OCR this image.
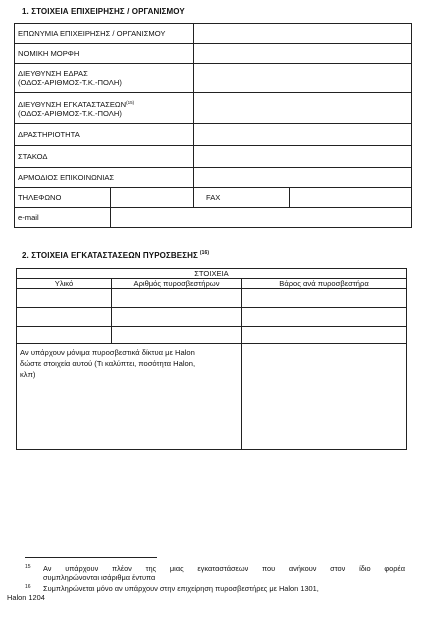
1. ΣΤΟΙΧΕΙΑ ΕΠΙΧΕΙΡΗΣΗΣ / ΟΡΓΑΝΙΣΜΟΥ
ΕΠΩΝΥΜΙΑ ΕΠΙΧΕΙΡΗΣΗΣ / ΟΡΓΑΝΙΣΜΟΥ			
ΝΟΜΙΚΗ ΜΟΡΦΗ			
ΔΙΕΥΘΥΝΣΗ ΕΔΡΑΣ
(ΟΔΟΣ-ΑΡΙΘΜΟΣ-Τ.Κ.-ΠΟΛΗ)			
ΔΙΕΥΘΥΝΣΗ ΕΓΚΑΤΑΣΤΑΣΕΩΝ$^{(15)}$
(ΟΔΟΣ-ΑΡΙΘΜΟΣ-Τ.Κ.-ΠΟΛΗ)			
ΔΡΑΣΤΗΡΙΟΤΗΤΑ			
ΣΤΑΚΟΔ			
ΑΡΜΟΔΙΟΣ ΕΠΙΚΟΙΝΩΝΙΑΣ			
ΤΗΛΕΦΩΝΟ		FAX	
e-mail			
2. ΣΤΟΙΧΕΙΑ ΕΓΚΑΤΑΣΤΑΣΕΩΝ ΠΥΡΟΣΒΕΣΗΣ $^{(16)}$
ΣΤΟΙΧΕΙΑ		
Υλικό	Αριθμός πυροσβεστήρων	Βάρος ανά πυροσβεστήρα

Αν υπάρχουν μόνιμα πυροσβεστικά δίκτυα με Halon
δώστε στοιχεία αυτού (Τι καλύπτει, ποσότητα Halon,
κλπ)		
15 Αν υπάρχουν πλέον της μιας εγκαταστάσεων που ανήκουν στον ίδιο φορέα
συμπληρώνονται ισάριθμα έντυπα
16 Συμπληρώνεται μόνο αν υπάρχουν στην επιχείρηση πυροσβεστήρες με Halon 1301,
Halon 1204
